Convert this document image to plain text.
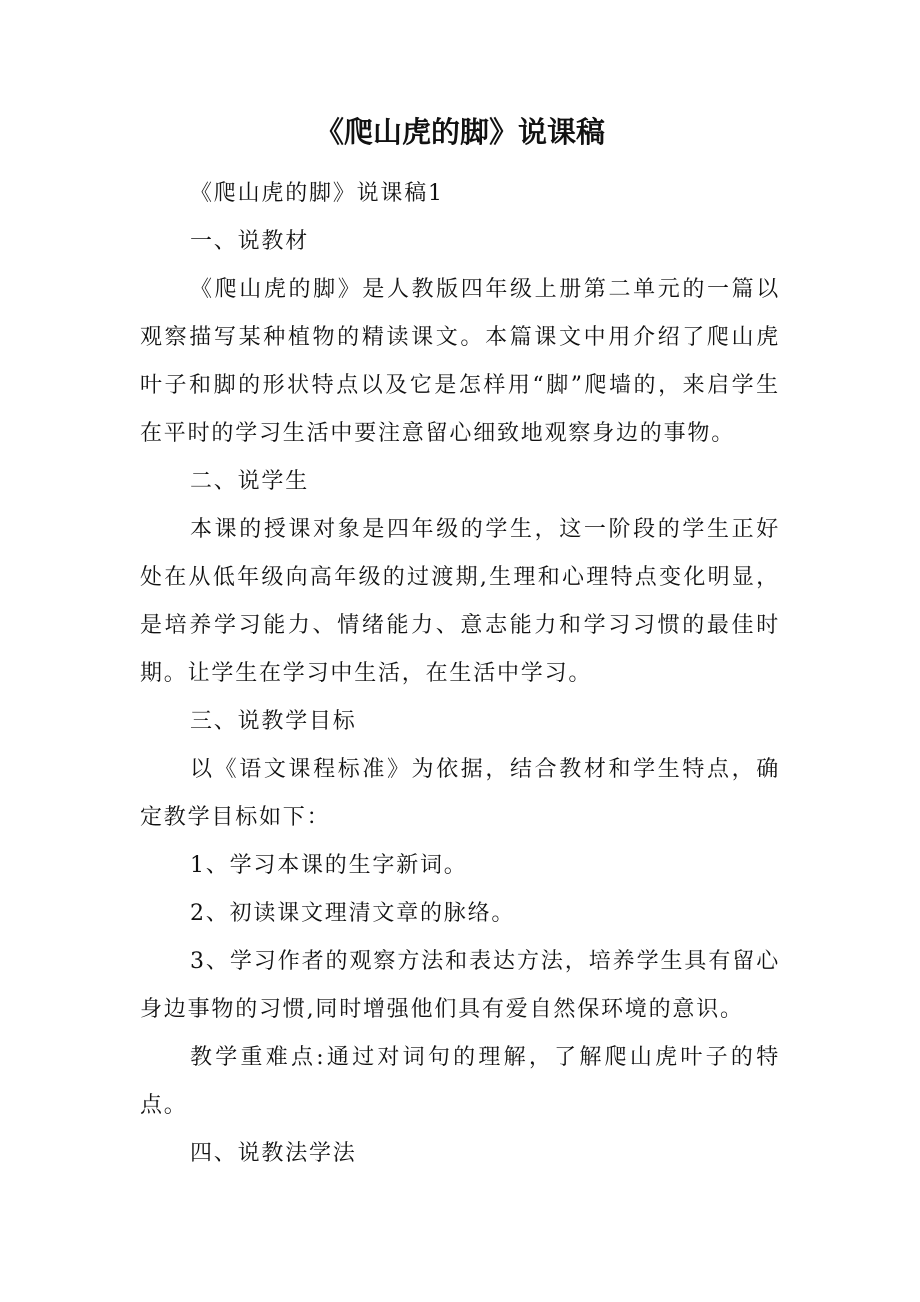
《爬山虎的脚》说课稿

《爬山虎的脚》说课稿1

一、说教材

《爬山虎的脚》是人教版四年级上册第二单元的一篇以观察描写某种植物的精读课文。本篇课文中用介绍了爬山虎叶子和脚的形状特点以及它是怎样用“脚”爬墙的，来启学生在平时的学习生活中要注意留心细致地观察身边的事物。

二、说学生

本课的授课对象是四年级的学生，这一阶段的学生正好处在从低年级向高年级的过渡期,生理和心理特点变化明显，是培养学习能力、情绪能力、意志能力和学习习惯的最佳时期。让学生在学习中生活，在生活中学习。

三、说教学目标

以《语文课程标准》为依据，结合教材和学生特点，确定教学目标如下：

1、学习本课的生字新词。

2、初读课文理清文章的脉络。

3、学习作者的观察方法和表达方法，培养学生具有留心身边事物的习惯,同时增强他们具有爱自然保环境的意识。

教学重难点:通过对词句的理解，了解爬山虎叶子的特点。

四、说教法学法
